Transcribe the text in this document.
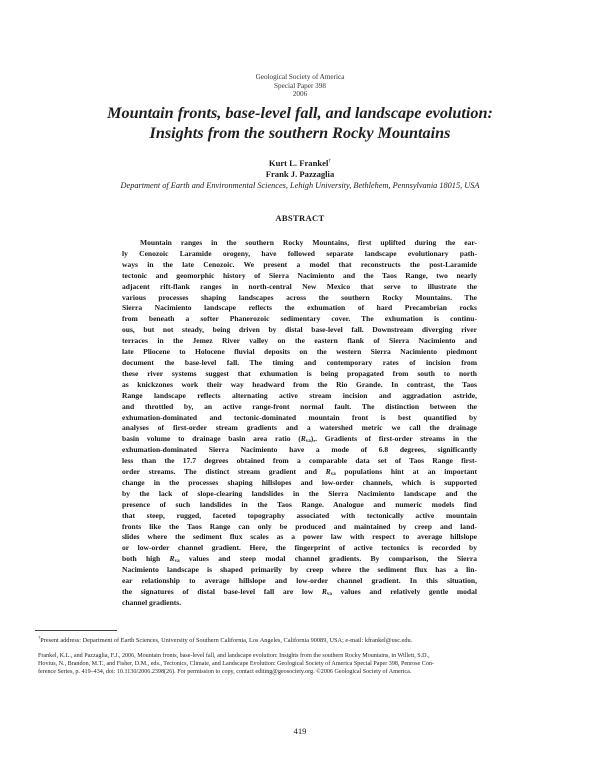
Geological Society of America
Special Paper 398
2006
Mountain fronts, base-level fall, and landscape evolution:
Insights from the southern Rocky Mountains
Kurt L. Frankel†
Frank J. Pazzaglia
Department of Earth and Environmental Sciences, Lehigh University, Bethlehem, Pennsylvania 18015, USA
ABSTRACT
Mountain ranges in the southern Rocky Mountains, first uplifted during the ear-
ly Cenozoic Laramide orogeny, have followed separate landscape evolutionary path-
ways in the late Cenozoic. We present a model that reconstructs the post-Laramide
tectonic and geomorphic history of Sierra Nacimiento and the Taos Range, two nearly
adjacent rift-flank ranges in north-central New Mexico that serve to illustrate the
various processes shaping landscapes across the southern Rocky Mountains. The
Sierra Nacimiento landscape reflects the exhumation of hard Precambrian rocks
from beneath a softer Phanerozoic sedimentary cover. The exhumation is continu-
ous, but not steady, being driven by distal base-level fall. Downstream diverging river
terraces in the Jemez River valley on the eastern flank of Sierra Nacimiento and
late Pliocene to Holocene fluvial deposits on the western Sierra Nacimiento piedmont
document the base-level fall. The timing and contemporary rates of incision from
these river systems suggest that exhumation is being propagated from south to north
as knickzones work their way headward from the Rio Grande. In contrast, the Taos
Range landscape reflects alternating active stream incision and aggradation astride,
and throttled by, an active range-front normal fault. The distinction between the
exhumation-dominated and tectonic-dominated mountain front is best quantified by
analyses of first-order stream gradients and a watershed metric we call the drainage
basin volume to drainage basin area ratio $(R_{va})$,. Gradients of first-order streams in the
exhumation-dominated Sierra Nacimiento have a mode of 6.8 degrees, significantly
less than the 17.7 degrees obtained from a comparable data set of Taos Range first-
order streams. The distinct stream gradient and $R_{va}$ populations hint at an important
change in the processes shaping hillslopes and low-order channels, which is supported
by the lack of slope-clearing landslides in the Sierra Nacimiento landscape and the
presence of such landslides in the Taos Range. Analogue and numeric models find
that steep, rugged, faceted topography associated with tectonically active mountain
fronts like the Taos Range can only be produced and maintained by creep and land-
slides where the sediment flux scales as a power law with respect to average hillslope
or low-order channel gradient. Here, the fingerprint of active tectonics is recorded by
both high $R_{va}$ values and steep modal channel gradients. By comparison, the Sierra
Nacimiento landscape is shaped primarily by creep where the sediment flux has a lin-
ear relationship to average hillslope and low-order channel gradient. In this situation,
the signatures of distal base-level fall are low $R_{va}$ values and relatively gentle modal
channel gradients.
†Present address: Department of Earth Sciences, University of Southern California, Los Angeles, California 90089, USA; e-mail: kfrankel@usc.edu.
Frankel, K.L., and Pazzaglia, F.J., 2006, Mountain fronts, base-level fall, and landscape evolution: Insights from the southern Rocky Mountains, in Willett, S.D.,
Hovius, N., Brandon, M.T., and Fisher, D.M., eds., Tectonics, Climate, and Landscape Evolution: Geological Society of America Special Paper 398, Penrose Con-
ference Series, p. 419–434, doi: 10.1130/2006.2398(26). For permission to copy, contact editing@geosociety.org. ©2006 Geological Society of America.
419
